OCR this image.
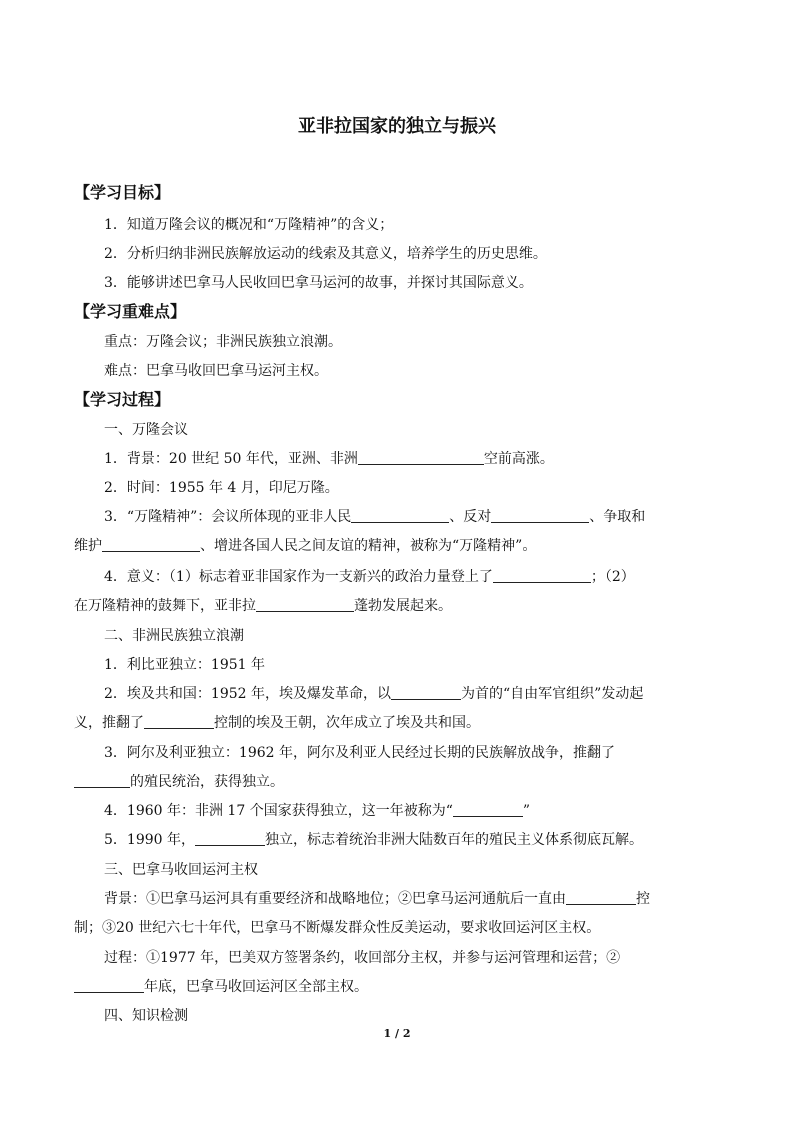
亚非拉国家的独立与振兴
【学习目标】
1．知道万隆会议的概况和“万隆精神”的含义；
2．分析归纳非洲民族解放运动的线索及其意义，培养学生的历史思维。
3．能够讲述巴拿马人民收回巴拿马运河的故事，并探讨其国际意义。
【学习重难点】
重点：万隆会议；非洲民族独立浪潮。
难点：巴拿马收回巴拿马运河主权。
【学习过程】
一、万隆会议
1．背景：20 世纪 50 年代，亚洲、非洲	空前高涨。
2．时间：1955 年 4 月，印尼万隆。
3．“万隆精神”：会议所体现的亚非人民	、反对	、争取和
维护	、增进各国人民之间友谊的精神，被称为“万隆精神”。
4．意义：（1）标志着亚非国家作为一支新兴的政治力量登上了	；（2）
在万隆精神的鼓舞下，亚非拉	蓬勃发展起来。
二、非洲民族独立浪潮
1．利比亚独立：1951 年
2．埃及共和国：1952 年，埃及爆发革命，以	为首的“自由军官组织”发动起
义，推翻了	控制的埃及王朝，次年成立了埃及共和国。
3．阿尔及利亚独立：1962 年，阿尔及利亚人民经过长期的民族解放战争，推翻了
的殖民统治，获得独立。
4．1960 年：非洲 17 个国家获得独立，这一年被称为“	”
5．1990 年，	独立，标志着统治非洲大陆数百年的殖民主义体系彻底瓦解。
三、巴拿马收回运河主权
背景：①巴拿马运河具有重要经济和战略地位；②巴拿马运河通航后一直由	控
制；③20 世纪六七十年代，巴拿马不断爆发群众性反美运动，要求收回运河区主权。
过程：①1977 年，巴美双方签署条约，收回部分主权，并参与运河管理和运营；②
年底，巴拿马收回运河区全部主权。
四、知识检测
1 / 2
